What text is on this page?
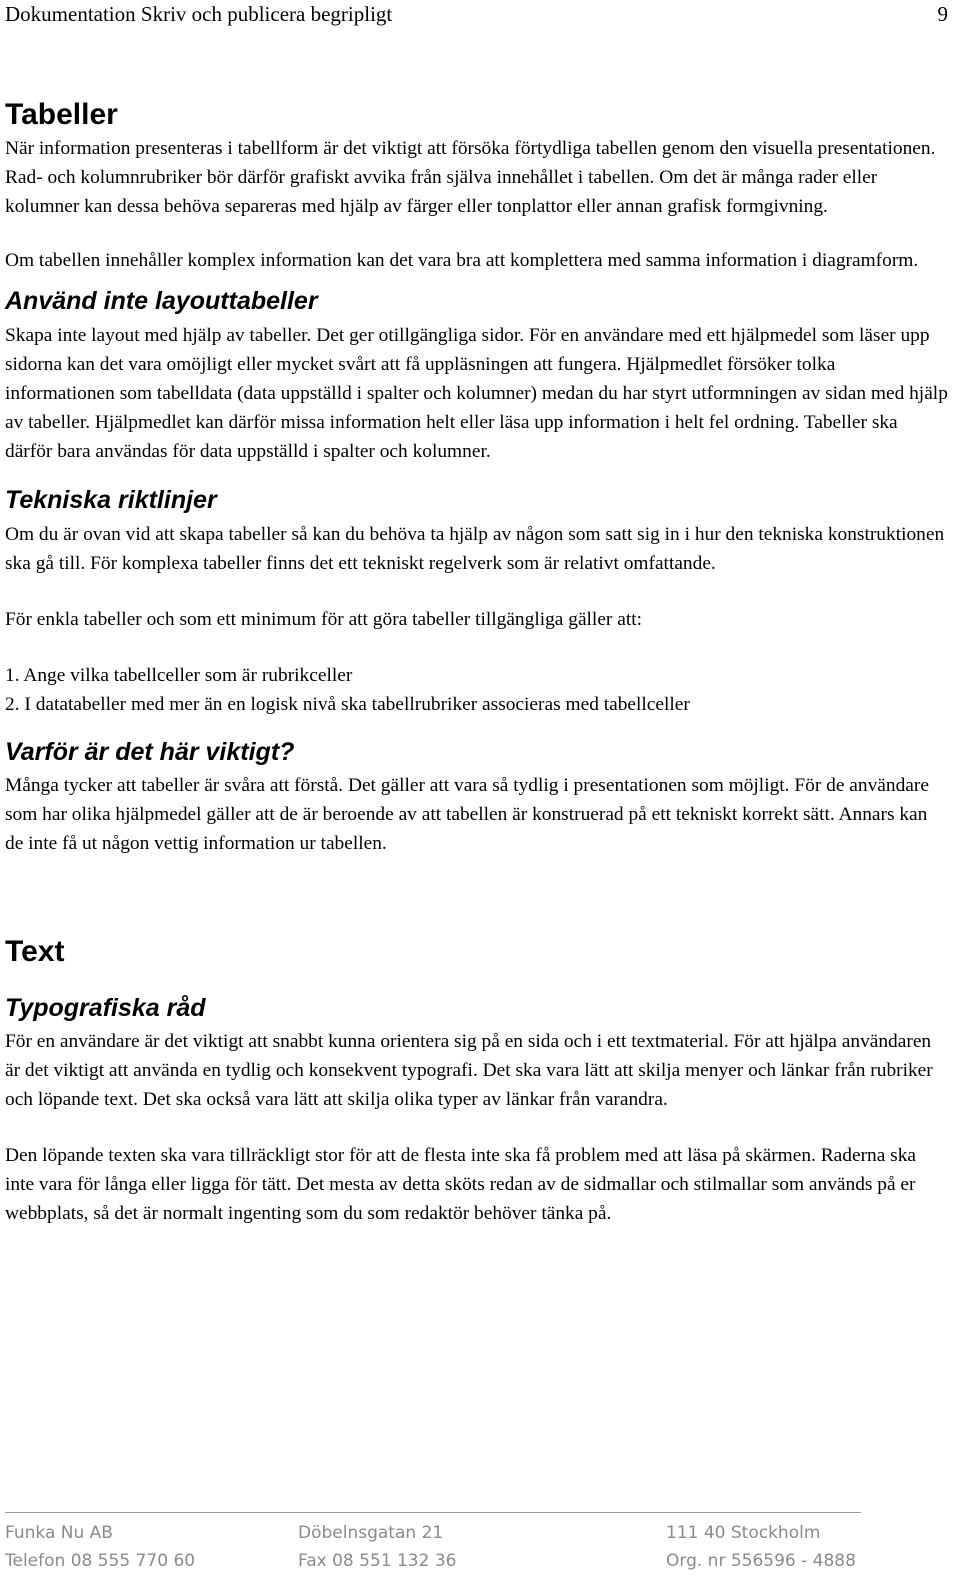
Dokumentation Skriv och publicera begripligt	9
Tabeller

När information presenteras i tabellform är det viktigt att försöka förtydliga tabellen genom den visuella presentationen. Rad- och kolumnrubriker bör därför grafiskt avvika från själva innehållet i tabellen. Om det är många rader eller kolumner kan dessa behöva separeras med hjälp av färger eller tonplattor eller annan grafisk formgivning.

Om tabellen innehåller komplex information kan det vara bra att komplettera med samma information i diagramform.

Använd inte layouttabeller

Skapa inte layout med hjälp av tabeller. Det ger otillgängliga sidor. För en användare med ett hjälpmedel som läser upp sidorna kan det vara omöjligt eller mycket svårt att få uppläsningen att fungera. Hjälpmedlet försöker tolka informationen som tabelldata (data uppställd i spalter och kolumner) medan du har styrt utformningen av sidan med hjälp av tabeller. Hjälpmedlet kan därför missa information helt eller läsa upp information i helt fel ordning. Tabeller ska därför bara användas för data uppställd i spalter och kolumner.

Tekniska riktlinjer

Om du är ovan vid att skapa tabeller så kan du behöva ta hjälp av någon som satt sig in i hur den tekniska konstruktionen ska gå till. För komplexa tabeller finns det ett tekniskt regelverk som är relativt omfattande.

För enkla tabeller och som ett minimum för att göra tabeller tillgängliga gäller att:

1. Ange vilka tabellceller som är rubrikceller

2. I datatabeller med mer än en logisk nivå ska tabellrubriker associeras med tabellceller

Varför är det här viktigt?

Många tycker att tabeller är svåra att förstå. Det gäller att vara så tydlig i presentationen som möjligt. För de användare som har olika hjälpmedel gäller att de är beroende av att tabellen är konstruerad på ett tekniskt korrekt sätt. Annars kan de inte få ut någon vettig information ur tabellen.

Text
Typografiska råd

För en användare är det viktigt att snabbt kunna orientera sig på en sida och i ett textmaterial. För att hjälpa användaren är det viktigt att använda en tydlig och konsekvent typografi. Det ska vara lätt att skilja menyer och länkar från rubriker och löpande text. Det ska också vara lätt att skilja olika typer av länkar från varandra.

Den löpande texten ska vara tillräckligt stor för att de flesta inte ska få problem med att läsa på skärmen. Raderna ska inte vara för långa eller ligga för tätt. Det mesta av detta sköts redan av de sidmallar och stilmallar som används på er webbplats, så det är normalt ingenting som du som redaktör behöver tänka på.

Funka Nu AB	Döbelnsgatan 21	111 40 Stockholm
Telefon 08 555 770 60	Fax 08 551 132 36	Org. nr 556596 - 4888
